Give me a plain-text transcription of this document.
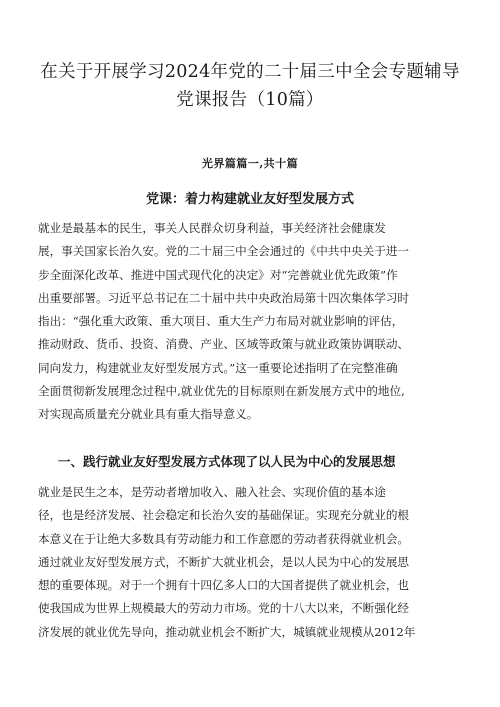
在关于开展学习2024年党的二十届三中全会专题辅导
党课报告（10篇）
光界篇篇一,共十篇
党课：着力构建就业友好型发展方式

就业是最基本的民生，事关人民群众切身利益，事关经济社会健康发
展，事关国家长治久安。党的二十届三中全会通过的《中共中央关于进一
步全面深化改革、推进中国式现代化的决定》对“完善就业优先政策”作
出重要部署。习近平总书记在二十届中共中央政治局第十四次集体学习时
指出：“强化重大政策、重大项目、重大生产力布局对就业影响的评估，
推动财政、货币、投资、消费、产业、区域等政策与就业政策协调联动、
同向发力，构建就业友好型发展方式。”这一重要论述指明了在完整准确
全面贯彻新发展理念过程中,就业优先的目标原则在新发展方式中的地位,
对实现高质量充分就业具有重大指导意义。

一、践行就业友好型发展方式体现了以人民为中心的发展思想

就业是民生之本，是劳动者增加收入、融入社会、实现价值的基本途
径，也是经济发展、社会稳定和长治久安的基础保证。实现充分就业的根
本意义在于让绝大多数具有劳动能力和工作意愿的劳动者获得就业机会。
通过就业友好型发展方式，不断扩大就业机会，是以人民为中心的发展思
想的重要体现。对于一个拥有十四亿多人口的大国者提供了就业机会，也
使我国成为世界上规模最大的劳动力市场。党的十八大以来，不断强化经
济发展的就业优先导向，推动就业机会不断扩大，城镇就业规模从2012年
